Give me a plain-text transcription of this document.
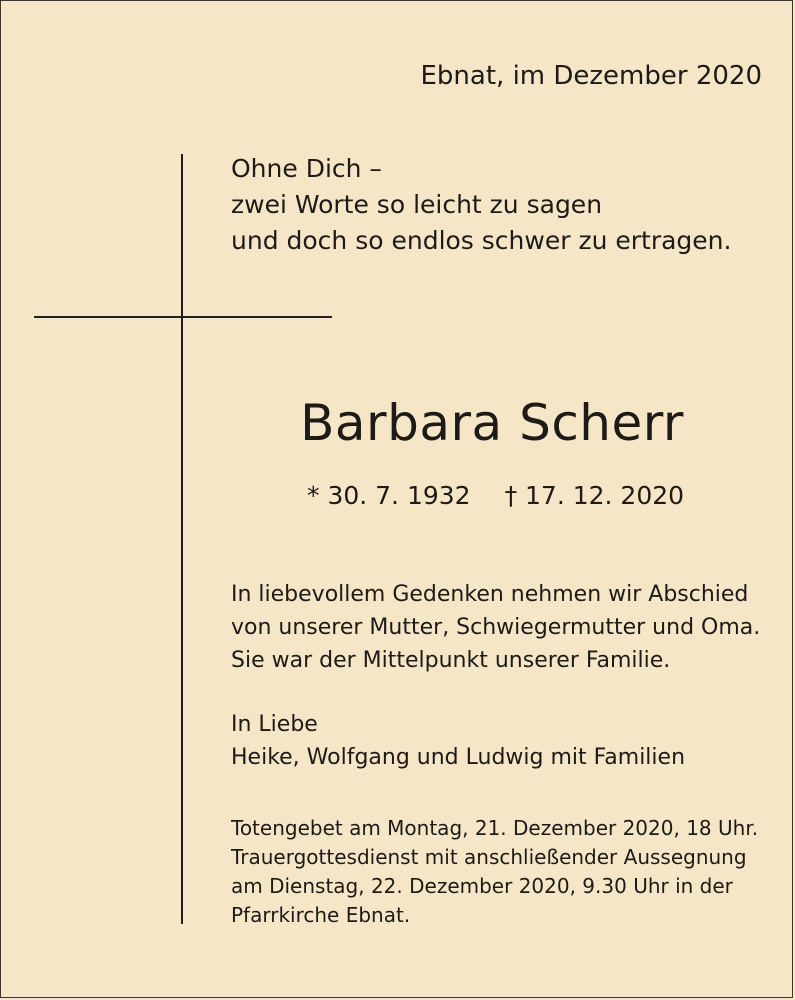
Ebnat, im Dezember 2020
Ohne Dich –
zwei Worte so leicht zu sagen
und doch so endlos schwer zu ertragen.
Barbara Scherr
* 30. 7. 1932 † 17. 12. 2020
In liebevollem Gedenken nehmen wir Abschied
von unserer Mutter, Schwiegermutter und Oma.
Sie war der Mittelpunkt unserer Familie.
In Liebe
Heike, Wolfgang und Ludwig mit Familien
Totengebet am Montag, 21. Dezember 2020, 18 Uhr.
Trauergottesdienst mit anschließender Aussegnung
am Dienstag, 22. Dezember 2020, 9.30 Uhr in der
Pfarrkirche Ebnat.
